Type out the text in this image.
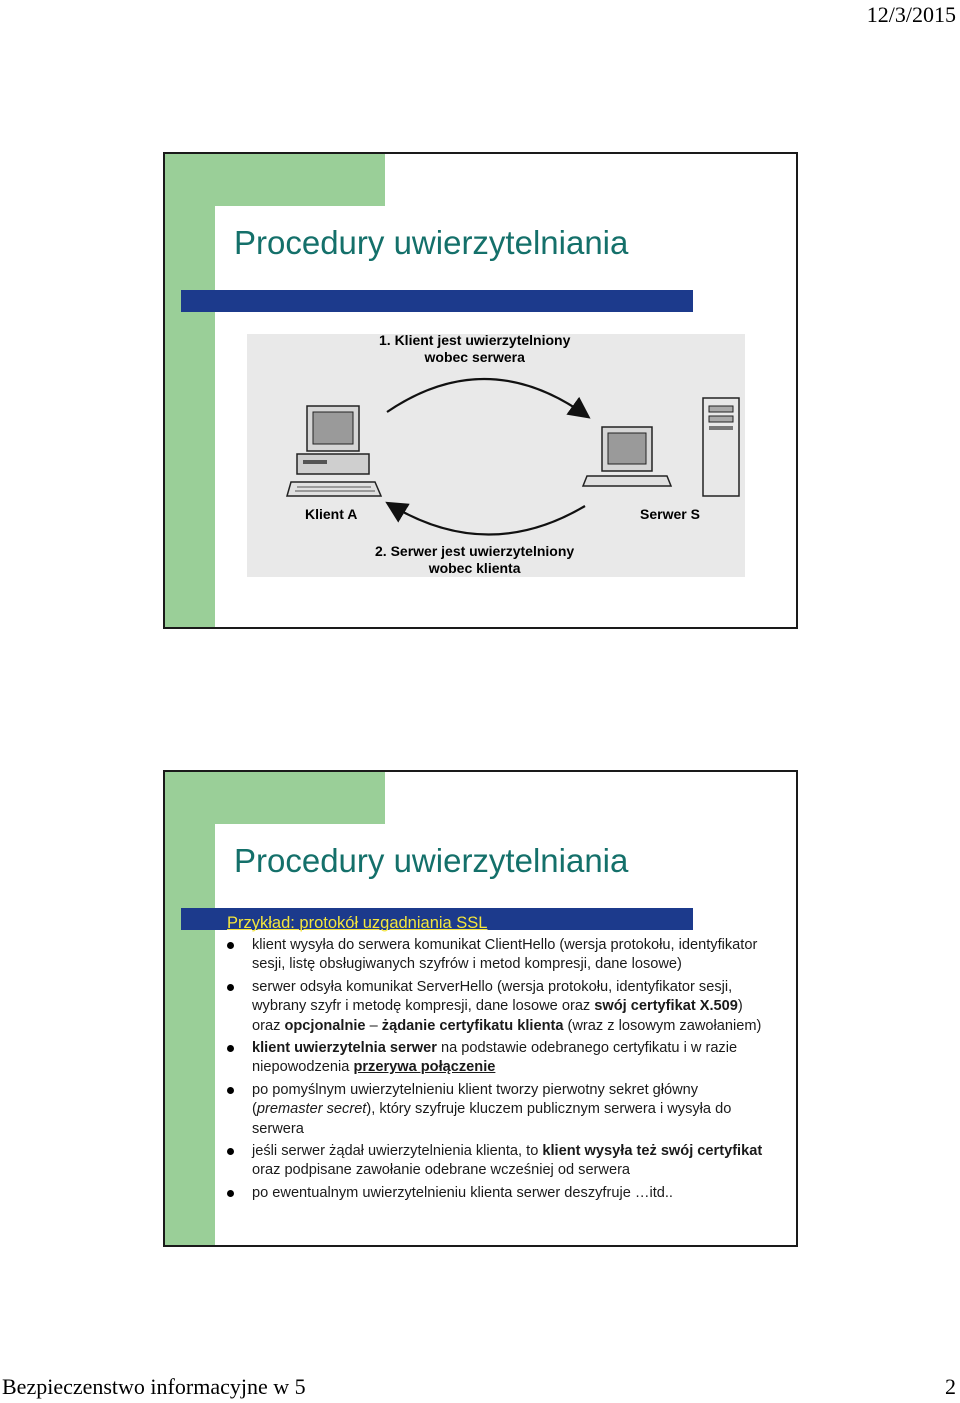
12/3/2015
Procedury uwierzytelniania
1. Klient jest uwierzytelniony
wobec serwera
Klient A	Serwer S
2. Serwer jest uwierzytelniony
wobec klienta
Procedury uwierzytelniania
Przykład: protokół uzgadniania SSL
klient wysyła do serwera komunikat ClientHello (wersja protokołu, identyfikator sesji, listę obsługiwanych szyfrów i metod kompresji, dane losowe)
serwer odsyła komunikat ServerHello (wersja protokołu, identyfikator sesji, wybrany szyfr i metodę kompresji, dane losowe oraz swój certyfikat X.509) oraz opcjonalnie – żądanie certyfikatu klienta (wraz z losowym zawołaniem)
klient uwierzytelnia serwer na podstawie odebranego certyfikatu i w razie niepowodzenia przerywa połączenie
po pomyślnym uwierzytelnieniu klient tworzy pierwotny sekret główny (premaster secret), który szyfruje kluczem publicznym serwera i wysyła do serwera
jeśli serwer żądał uwierzytelnienia klienta, to klient wysyła też swój certyfikat oraz podpisane zawołanie odebrane wcześniej od serwera
po ewentualnym uwierzytelnieniu klienta serwer deszyfruje …itd..
Bezpieczenstwo informacyjne w 5	2
